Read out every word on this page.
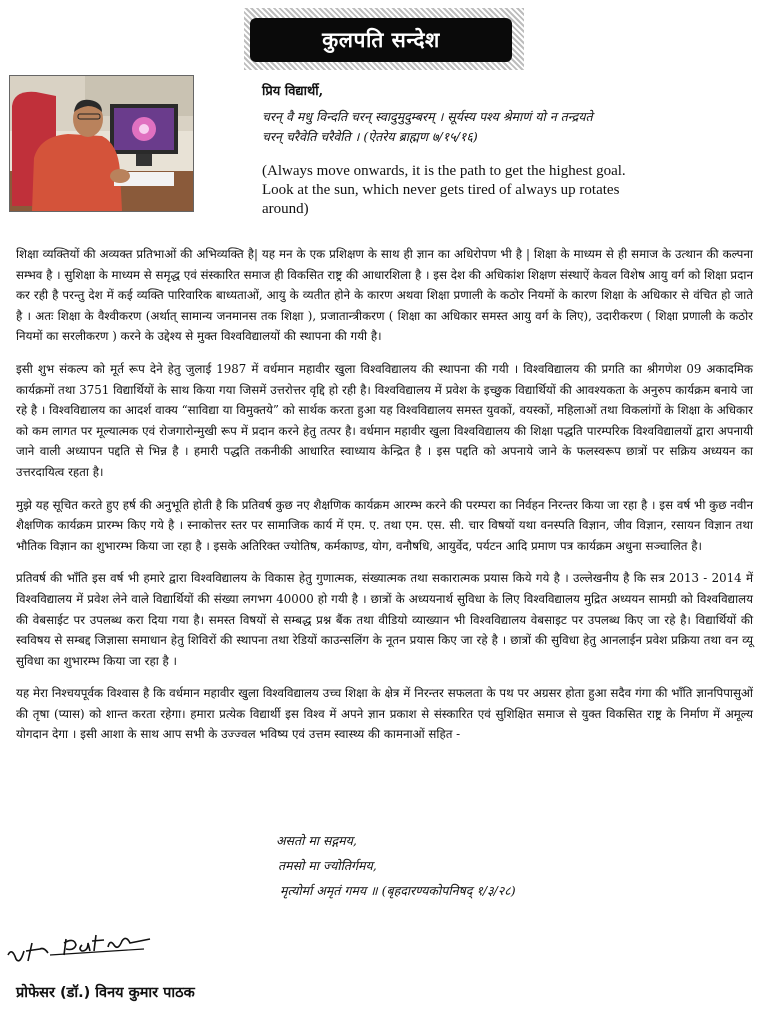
कुलपति सन्देश
प्रिय विद्यार्थी,
चरन् वै मधु विन्दति चरन् स्वादुमुदुम्बरम् । सूर्यस्य पश्य श्रेमाणं यो न तन्द्रयते
चरन् चरैवेति चरैवेति । (ऐतरेय ब्राह्मण ७/१५/१६)
(Always move onwards, it is the path to get the highest goal. Look at the sun, which never gets tired of always up rotates around)

शिक्षा व्यक्तियों की अव्यक्त प्रतिभाओं की अभिव्यक्ति है| यह मन के एक प्रशिक्षण के साथ ही ज्ञान का अधिरोपण भी है | शिक्षा के माध्यम से ही समाज के उत्थान की कल्पना सम्भव है । सुशिक्षा के माध्यम से समृद्ध एवं संस्कारित समाज ही विकसित राष्ट्र की आधारशिला है । इस देश की अधिकांश शिक्षण संस्थाऐं केवल विशेष आयु वर्ग को शिक्षा प्रदान कर रही है परन्तु देश में कई व्यक्ति पारिवारिक बाध्यताओं, आयु के व्यतीत होने के कारण अथवा शिक्षा प्रणाली के कठोर नियमों के कारण शिक्षा के अधिकार से वंचित हो जाते है । अतः शिक्षा के वैश्वीकरण (अर्थात् सामान्य जनमानस तक शिक्षा ), प्रजातान्त्रीकरण ( शिक्षा का अधिकार समस्त आयु वर्ग के लिए), उदारीकरण ( शिक्षा प्रणाली के कठोर नियमों का सरलीकरण ) करने के उद्देश्य से मुक्त विश्वविद्यालयों की स्थापना की गयी है।

इसी शुभ संकल्प को मूर्त रूप देने हेतु जुलाई 1987 में वर्धमान महावीर खुला विश्वविद्यालय की स्थापना की गयी । विश्वविद्यालय की प्रगति का श्रीगणेश 09 अकादमिक कार्यक्रमों तथा 3751 विद्यार्थियों के साथ किया गया जिसमें उत्तरोत्तर वृद्दि हो रही है। विश्वविद्यालय में प्रवेश के इच्छुक विद्यार्थियों की आवश्यकता के अनुरुप कार्यक्रम बनाये जा रहे है । विश्वविद्यालय का आदर्श वाक्य “साविद्या या विमुक्तये” को सार्थक करता हुआ यह विश्वविद्यालय समस्त युवकों, वयस्कों, महिलाओं तथा विकलांगों के शिक्षा के अधिकार को कम लागत पर मूल्यात्मक एवं रोजगारोन्मुखी रूप में प्रदान करने हेतु तत्पर है। वर्धमान महावीर खुला विश्वविद्यालय की शिक्षा पद्धति पारम्परिक विश्वविद्यालयों द्वारा अपनायी जाने वाली अध्यापन पद्दति से भिन्न है । हमारी पद्धति तकनीकी आधारित स्वाध्याय केन्द्रित है । इस पद्दति को अपनाये जाने के फलस्वरूप छात्रों पर सक्रिय अध्ययन का उत्तरदायित्व रहता है।

मुझे यह सूचित करते हुए हर्ष की अनुभूति होती है कि प्रतिवर्ष कुछ नए शैक्षणिक कार्यक्रम आरम्भ करने की परम्परा का निर्वहन निरन्तर किया जा रहा है । इस वर्ष भी कुछ नवीन शैक्षणिक कार्यक्रम प्रारम्भ किए गये है । स्नाकोत्तर स्तर पर सामाजिक कार्य में एम. ए. तथा एम. एस. सी. चार विषयों यथा वनस्पति विज्ञान, जीव विज्ञान, रसायन विज्ञान तथा भौतिक विज्ञान का शुभारम्भ किया जा रहा है । इसके अतिरिक्त ज्योतिष, कर्मकाण्ड, योग, वनौषधि, आयुर्वेद, पर्यटन आदि प्रमाण पत्र कार्यक्रम अधुना सञ्चालित है।

प्रतिवर्ष की भाँति इस वर्ष भी हमारे द्वारा विश्वविद्यालय के विकास हेतु गुणात्मक, संख्यात्मक तथा सकारात्मक प्रयास किये गये है । उल्लेखनीय है कि सत्र 2013 - 2014 में विश्वविद्यालय में प्रवेश लेने वाले विद्यार्थियों की संख्या लगभग 40000 हो गयी है । छात्रों के अध्ययनार्थ सुविधा के लिए विश्वविद्यालय मुद्रित अध्ययन सामग्री को विश्वविद्यालय की वेबसाईट पर उपलब्ध करा दिया गया है। समस्त विषयों से सम्बद्ध प्रश्न बैंक तथा वीडियो व्याख्यान भी विश्वविद्यालय वेबसाइट पर उपलब्ध किए जा रहे है। विद्यार्थियों की स्वविषय से सम्बद्द जिज्ञासा समाधान हेतु शिविरों की स्थापना तथा रेडियों काउन्सलिंग के नूतन प्रयास किए जा रहे है । छात्रों की सुविधा हेतु आनलाईन प्रवेश प्रक्रिया तथा वन व्यू सुविधा का शुभारम्भ किया जा रहा है ।

यह मेरा निश्चयपूर्वक विश्वास है कि वर्धमान महावीर खुला विश्वविद्यालय उच्च शिक्षा के क्षेत्र में निरन्तर सफलता के पथ पर अग्रसर होता हुआ सदैव गंगा की भाँति ज्ञानपिपासुओं की तृषा (प्यास) को शान्त करता रहेगा। हमारा प्रत्येक विद्यार्थी इस विश्व में अपने ज्ञान प्रकाश से संस्कारित एवं सुशिक्षित समाज से युक्त विकसित राष्ट्र के निर्माण में अमूल्य योगदान देगा । इसी आशा के साथ आप सभी के उज्ज्वल भविष्य एवं उत्तम स्वास्थ्य की कामनाओं सहित -

असतो मा सद्गमय,
तमसो मा ज्योतिर्गमय,
मृत्योर्मा अमृतं गमय ॥ (बृहदारण्यकोपनिषद् १/३/२८)
प्रोफेसर (डॉ.) विनय कुमार पाठक
